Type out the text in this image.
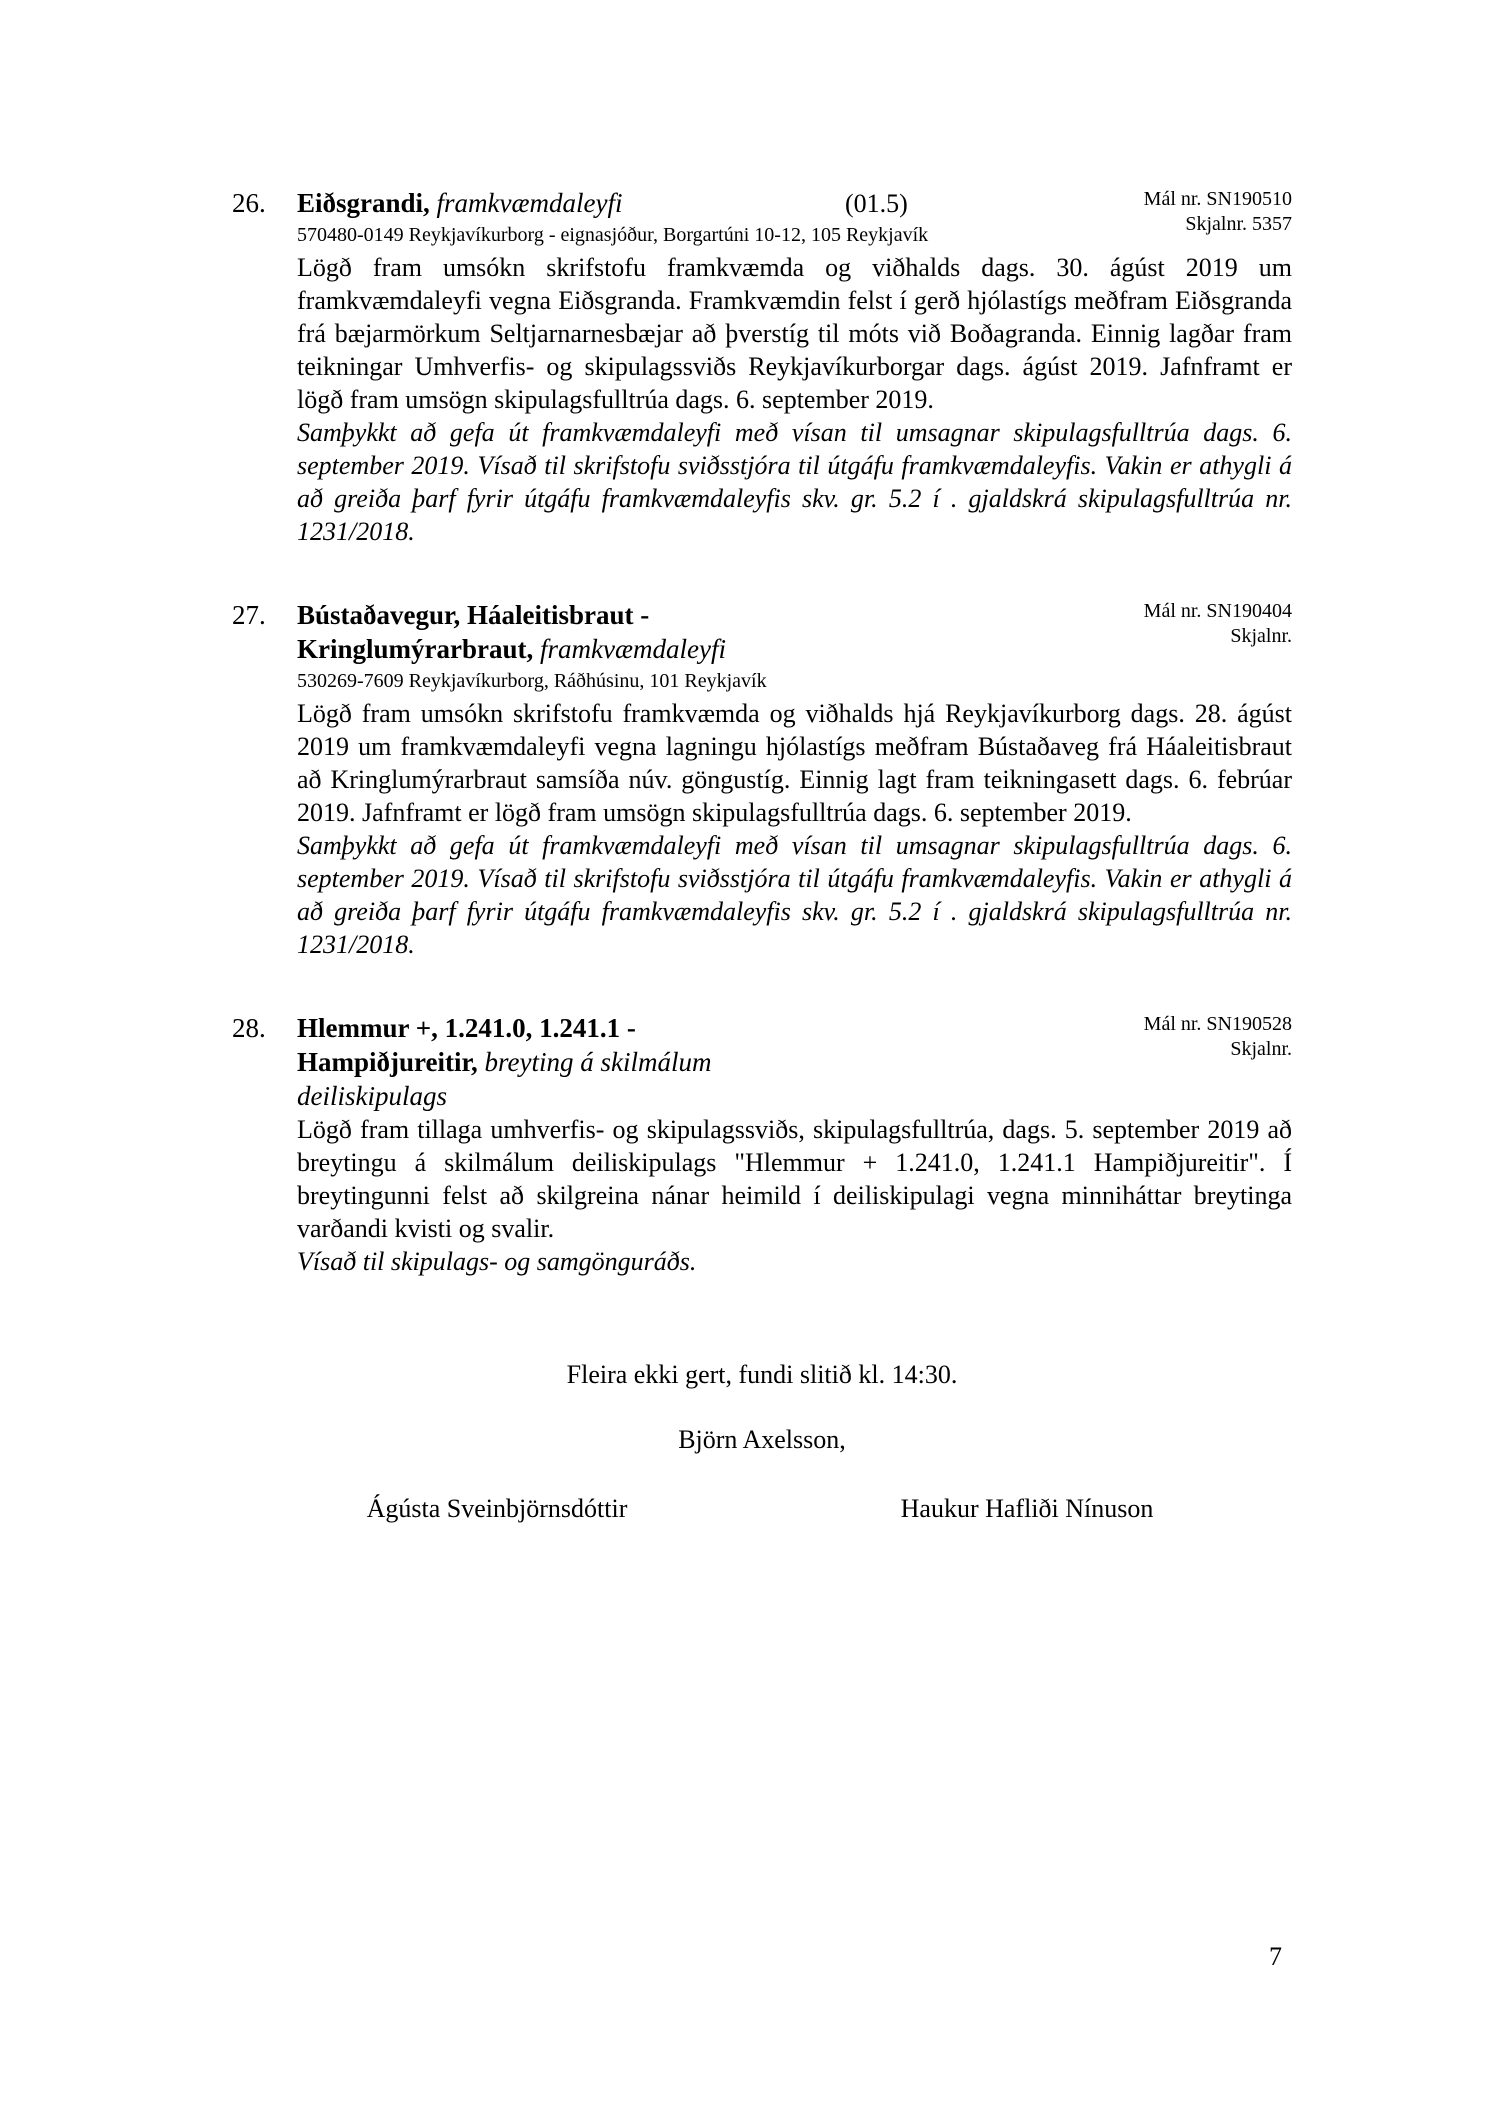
26.	Mál nr. SN190510
Skjalnr. 5357
Eiðsgrandi, framkvæmdaleyfi	(01.5)
570480-0149 Reykjavíkurborg - eignasjóður, Borgartúni 10-12, 105 Reykjavík
Lögð fram umsókn skrifstofu framkvæmda og viðhalds dags. 30. ágúst 2019 um framkvæmdaleyfi vegna Eiðsgranda. Framkvæmdin felst í gerð hjólastígs meðfram Eiðsgranda frá bæjarmörkum Seltjarnarnesbæjar að þverstíg til móts við Boðagranda. Einnig lagðar fram teikningar Umhverfis- og skipulagssviðs Reykjavíkurborgar dags. ágúst 2019. Jafnframt er lögð fram umsögn skipulagsfulltrúa dags. 6. september 2019.
Samþykkt að gefa út framkvæmdaleyfi með vísan til umsagnar skipulagsfulltrúa dags. 6. september 2019. Vísað til skrifstofu sviðsstjóra til útgáfu framkvæmdaleyfis. Vakin er athygli á að greiða þarf fyrir útgáfu framkvæmdaleyfis skv. gr. 5.2 í . gjaldskrá skipulagsfulltrúa nr. 1231/2018.
27.	Mál nr. SN190404
Skjalnr.
Bústaðavegur, Háaleitisbraut -
Kringlumýrarbraut, framkvæmdaleyfi
530269-7609 Reykjavíkurborg, Ráðhúsinu, 101 Reykjavík
Lögð fram umsókn skrifstofu framkvæmda og viðhalds hjá Reykjavíkurborg dags. 28. ágúst 2019 um framkvæmdaleyfi vegna lagningu hjólastígs meðfram Bústaðaveg frá Háaleitisbraut að Kringlumýrarbraut samsíða núv. göngustíg. Einnig lagt fram teikningasett dags. 6. febrúar 2019. Jafnframt er lögð fram umsögn skipulagsfulltrúa dags. 6. september 2019.
Samþykkt að gefa út framkvæmdaleyfi með vísan til umsagnar skipulagsfulltrúa dags. 6. september 2019. Vísað til skrifstofu sviðsstjóra til útgáfu framkvæmdaleyfis. Vakin er athygli á að greiða þarf fyrir útgáfu framkvæmdaleyfis skv. gr. 5.2 í . gjaldskrá skipulagsfulltrúa nr. 1231/2018.
28.	Mál nr. SN190528
Skjalnr.
Hlemmur +, 1.241.0, 1.241.1 -
Hampiðjureitir, breyting á skilmálum
deiliskipulags
Lögð fram tillaga umhverfis- og skipulagssviðs, skipulagsfulltrúa, dags. 5. september 2019 að breytingu á skilmálum deiliskipulags "Hlemmur + 1.241.0, 1.241.1 Hampiðjureitir". Í breytingunni felst að skilgreina nánar heimild í deiliskipulagi vegna minniháttar breytinga varðandi kvisti og svalir.
Vísað til skipulags- og samgönguráðs.
Fleira ekki gert, fundi slitið kl. 14:30.
Björn Axelsson,
Ágústa Sveinbjörnsdóttir	Haukur Hafliði Nínuson
7
